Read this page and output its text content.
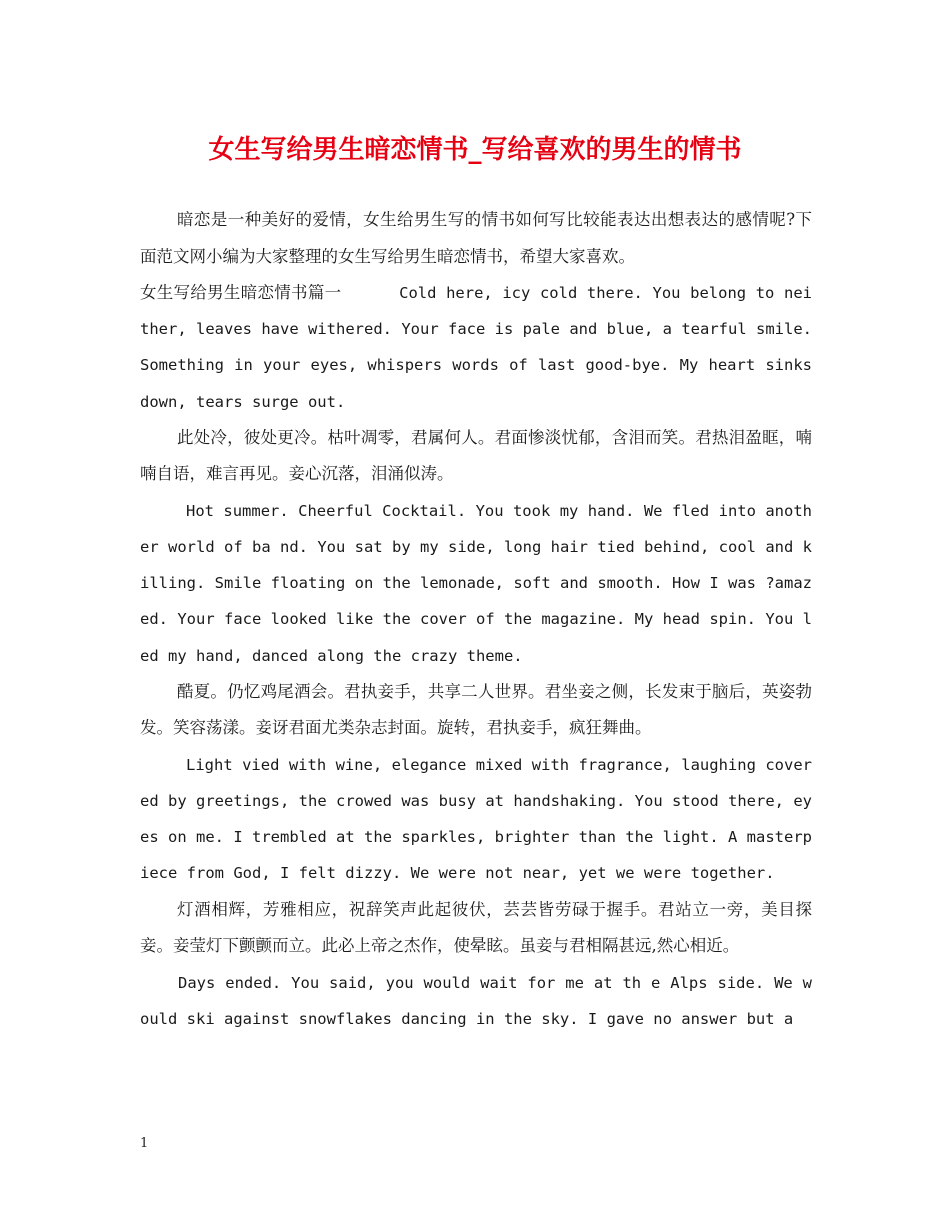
女生写给男生暗恋情书_写给喜欢的男生的情书

暗恋是一种美好的爱情，女生给男生写的情书如何写比较能表达出想表达的感情呢?下面范文网小编为大家整理的女生写给男生暗恋情书，希望大家喜欢。

女生写给男生暗恋情书篇一	Cold here, icy cold there. You belong to neither, leaves have withered. Your face is pale and blue, a tearful smile. Something in your eyes, whispers words of last good-bye. My heart sinks down, tears surge out.

此处冷，彼处更冷。枯叶凋零，君属何人。君面惨淡忧郁，含泪而笑。君热泪盈眶，喃喃自语，难言再见。妾心沉落，泪涌似涛。

Hot summer. Cheerful Cocktail. You took my hand. We fled into another world of ba nd. You sat by my side, long hair tied behind, cool and killing. Smile floating on the lemonade, soft and smooth. How I was ?amazed. Your face looked like the cover of the magazine. My head spin. You led my hand, danced along the crazy theme.

酷夏。仍忆鸡尾酒会。君执妾手，共享二人世界。君坐妾之侧，长发束于脑后，英姿勃发。笑容荡漾。妾讶君面尤类杂志封面。旋转，君执妾手，疯狂舞曲。

Light vied with wine, elegance mixed with fragrance, laughing covered by greetings, the crowed was busy at handshaking. You stood there, eyes on me. I trembled at the sparkles, brighter than the light. A masterpiece from God, I felt dizzy. We were not near, yet we were together.

灯酒相辉，芳雅相应，祝辞笑声此起彼伏，芸芸皆劳碌于握手。君站立一旁，美目探 妾。妾莹灯下颤颤而立。此必上帝之杰作，使晕眩。虽妾与君相隔甚远,然心相近。

Days ended. You said, you would wait for me at th e Alps side. We would ski against snowflakes dancing in the sky. I gave no answer but a

1
